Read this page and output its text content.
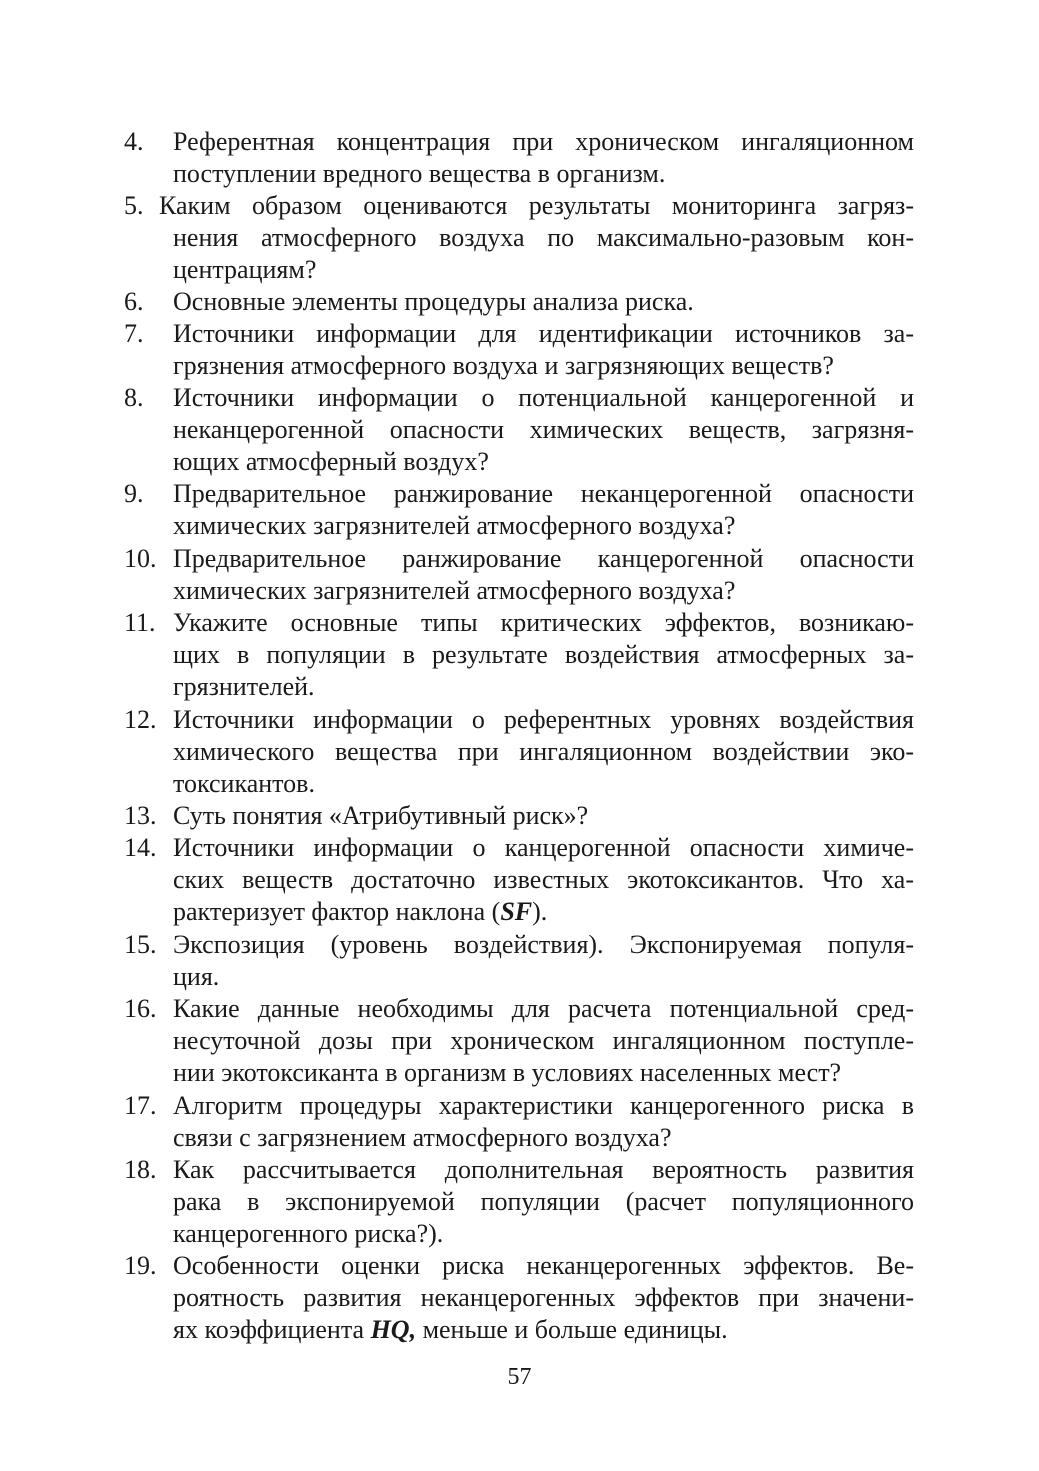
4. Референтная концентрация при хроническом ингаляционном
поступлении вредного вещества в организм.
5. Каким образом оцениваются результаты мониторинга загряз-
нения атмосферного воздуха по максимально-разовым кон-
центрациям?
6. Основные элементы процедуры анализа риска.
7. Источники информации для идентификации источников за-
грязнения атмосферного воздуха и загрязняющих веществ?
8. Источники информации о потенциальной канцерогенной и
неканцерогенной опасности химических веществ, загрязня-
ющих атмосферный воздух?
9. Предварительное ранжирование неканцерогенной опасности
химических загрязнителей атмосферного воздуха?
10. Предварительное ранжирование канцерогенной опасности
химических загрязнителей атмосферного воздуха?
11. Укажите основные типы критических эффектов, возникаю-
щих в популяции в результате воздействия атмосферных за-
грязнителей.
12. Источники информации о референтных уровнях воздействия
химического вещества при ингаляционном воздействии эко-
токсикантов.
13. Суть понятия «Атрибутивный риск»?
14. Источники информации о канцерогенной опасности химиче-
ских веществ достаточно известных экотоксикантов. Что ха-
рактеризует фактор наклона (SF).
15. Экспозиция (уровень воздействия). Экспонируемая популя-
ция.
16. Какие данные необходимы для расчета потенциальной сред-
несуточной дозы при хроническом ингаляционном поступле-
нии экотоксиканта в организм в условиях населенных мест?
17. Алгоритм процедуры характеристики канцерогенного риска в
связи с загрязнением атмосферного воздуха?
18. Как рассчитывается дополнительная вероятность развития
рака в экспонируемой популяции (расчет популяционного
канцерогенного риска?).
19. Особенности оценки риска неканцерогенных эффектов. Ве-
роятность развития неканцерогенных эффектов при значени-
ях коэффициента HQ, меньше и больше единицы.
57
